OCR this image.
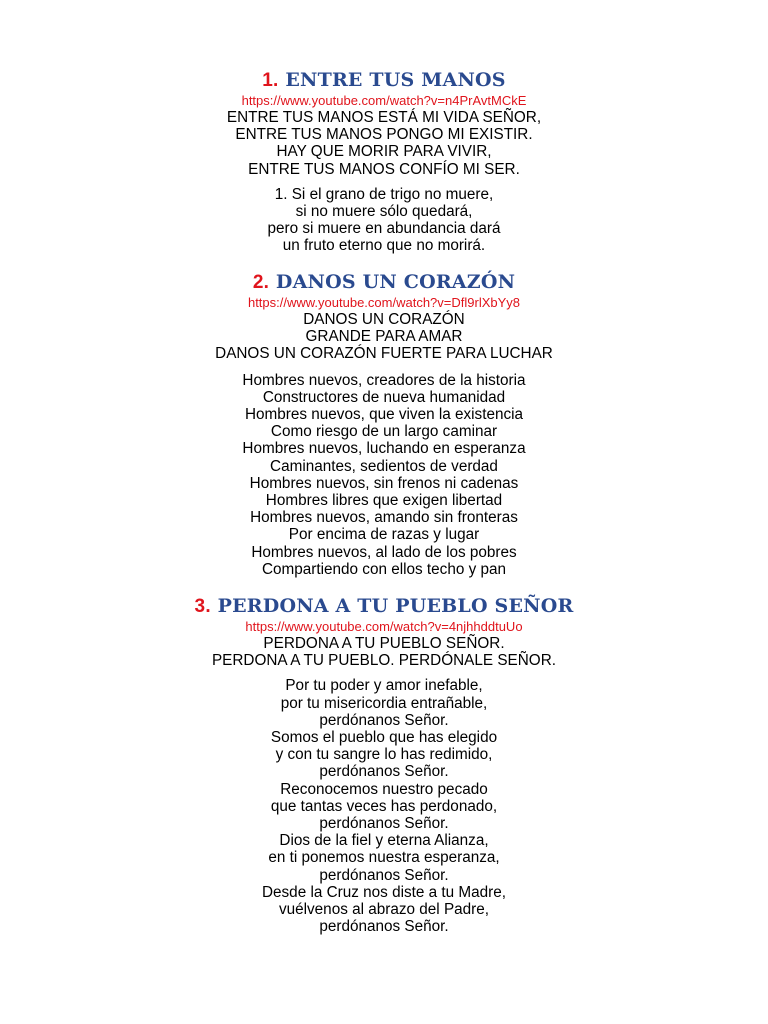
1. ENTRE TUS MANOS
https://www.youtube.com/watch?v=n4PrAvtMCkE
ENTRE TUS MANOS ESTÁ MI VIDA SEÑOR,
ENTRE TUS MANOS PONGO MI EXISTIR.
HAY QUE MORIR PARA VIVIR,
ENTRE TUS MANOS CONFÍO MI SER.
1. Si el grano de trigo no muere,
si no muere sólo quedará,
pero si muere en abundancia dará
un fruto eterno que no morirá.
2. DANOS UN CORAZÓN
https://www.youtube.com/watch?v=Dfl9rlXbYy8
DANOS UN CORAZÓN
GRANDE PARA AMAR
DANOS UN CORAZÓN FUERTE PARA LUCHAR
Hombres nuevos, creadores de la historia
Constructores de nueva humanidad
Hombres nuevos, que viven la existencia
Como riesgo de un largo caminar
Hombres nuevos, luchando en esperanza
Caminantes, sedientos de verdad
Hombres nuevos, sin frenos ni cadenas
Hombres libres que exigen libertad
Hombres nuevos, amando sin fronteras
Por encima de razas y lugar
Hombres nuevos, al lado de los pobres
Compartiendo con ellos techo y pan
3. PERDONA A TU PUEBLO SEÑOR
https://www.youtube.com/watch?v=4njhhddtuUo
PERDONA A TU PUEBLO SEÑOR.
PERDONA A TU PUEBLO. PERDÓNALE SEÑOR.
Por tu poder y amor inefable,
por tu misericordia entrañable,
perdónanos Señor.
Somos el pueblo que has elegido
y con tu sangre lo has redimido,
perdónanos Señor.
Reconocemos nuestro pecado
que tantas veces has perdonado,
perdónanos Señor.
Dios de la fiel y eterna Alianza,
en ti ponemos nuestra esperanza,
perdónanos Señor.
Desde la Cruz nos diste a tu Madre,
vuélvenos al abrazo del Padre,
perdónanos Señor.
